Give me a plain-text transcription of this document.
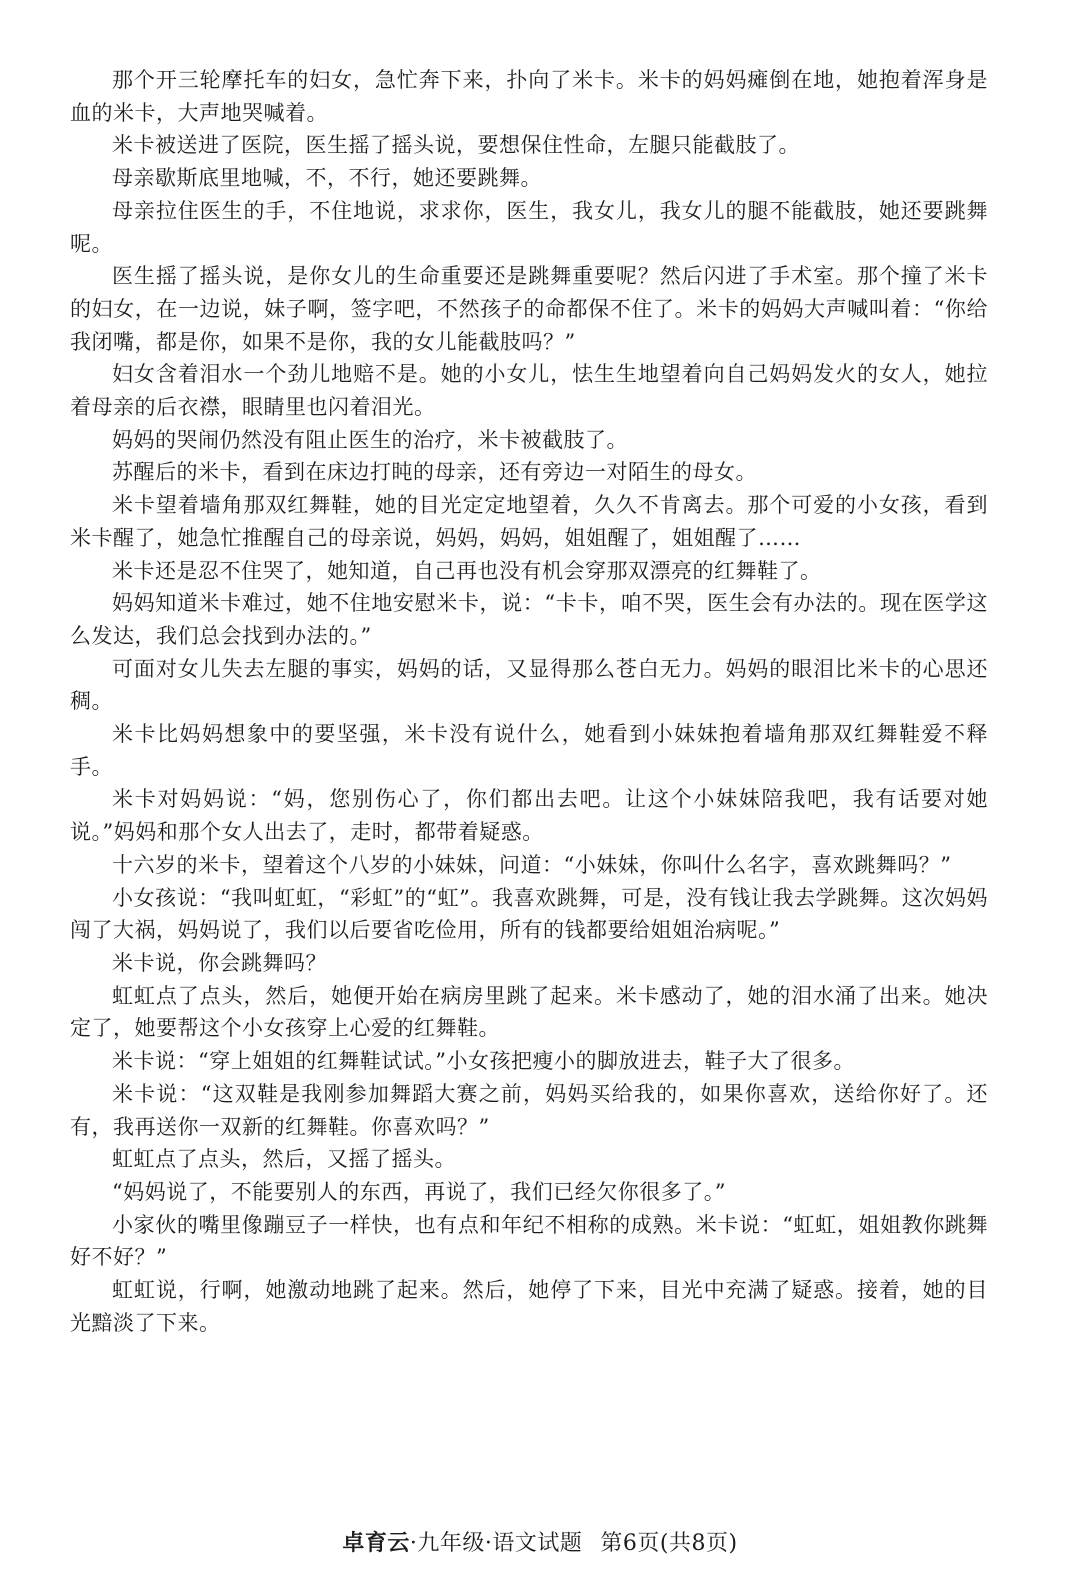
那个开三轮摩托车的妇女，急忙奔下来，扑向了米卡。米卡的妈妈瘫倒在地，她抱着浑身是血的米卡，大声地哭喊着。

米卡被送进了医院，医生摇了摇头说，要想保住性命，左腿只能截肢了。

母亲歇斯底里地喊，不，不行，她还要跳舞。

母亲拉住医生的手，不住地说，求求你，医生，我女儿，我女儿的腿不能截肢，她还要跳舞呢。

医生摇了摇头说，是你女儿的生命重要还是跳舞重要呢？然后闪进了手术室。那个撞了米卡的妇女，在一边说，妹子啊，签字吧，不然孩子的命都保不住了。米卡的妈妈大声喊叫着：“你给我闭嘴，都是你，如果不是你，我的女儿能截肢吗？”

妇女含着泪水一个劲儿地赔不是。她的小女儿，怯生生地望着向自己妈妈发火的女人，她拉着母亲的后衣襟，眼睛里也闪着泪光。

妈妈的哭闹仍然没有阻止医生的治疗，米卡被截肢了。

苏醒后的米卡，看到在床边打盹的母亲，还有旁边一对陌生的母女。

米卡望着墙角那双红舞鞋，她的目光定定地望着，久久不肯离去。那个可爱的小女孩，看到米卡醒了，她急忙推醒自己的母亲说，妈妈，妈妈，姐姐醒了，姐姐醒了……

米卡还是忍不住哭了，她知道，自己再也没有机会穿那双漂亮的红舞鞋了。

妈妈知道米卡难过，她不住地安慰米卡，说：“卡卡，咱不哭，医生会有办法的。现在医学这么发达，我们总会找到办法的。”

可面对女儿失去左腿的事实，妈妈的话，又显得那么苍白无力。妈妈的眼泪比米卡的心思还稠。

米卡比妈妈想象中的要坚强，米卡没有说什么，她看到小妹妹抱着墙角那双红舞鞋爱不释手。

米卡对妈妈说：“妈，您别伤心了，你们都出去吧。让这个小妹妹陪我吧，我有话要对她说。”妈妈和那个女人出去了，走时，都带着疑惑。

十六岁的米卡，望着这个八岁的小妹妹，问道：“小妹妹，你叫什么名字，喜欢跳舞吗？”

小女孩说：“我叫虹虹，“彩虹”的“虹”。我喜欢跳舞，可是，没有钱让我去学跳舞。这次妈妈闯了大祸，妈妈说了，我们以后要省吃俭用，所有的钱都要给姐姐治病呢。”

米卡说，你会跳舞吗？

虹虹点了点头，然后，她便开始在病房里跳了起来。米卡感动了，她的泪水涌了出来。她决定了，她要帮这个小女孩穿上心爱的红舞鞋。

米卡说：“穿上姐姐的红舞鞋试试。”小女孩把瘦小的脚放进去，鞋子大了很多。

米卡说：“这双鞋是我刚参加舞蹈大赛之前，妈妈买给我的，如果你喜欢，送给你好了。还有，我再送你一双新的红舞鞋。你喜欢吗？”

虹虹点了点头，然后，又摇了摇头。

“妈妈说了，不能要别人的东西，再说了，我们已经欠你很多了。”

小家伙的嘴里像蹦豆子一样快，也有点和年纪不相称的成熟。米卡说：“虹虹，姐姐教你跳舞好不好？”

虹虹说，行啊，她激动地跳了起来。然后，她停了下来，目光中充满了疑惑。接着，她的目光黯淡了下来。

卓育云·九年级·语文试题 第6页(共8页)
